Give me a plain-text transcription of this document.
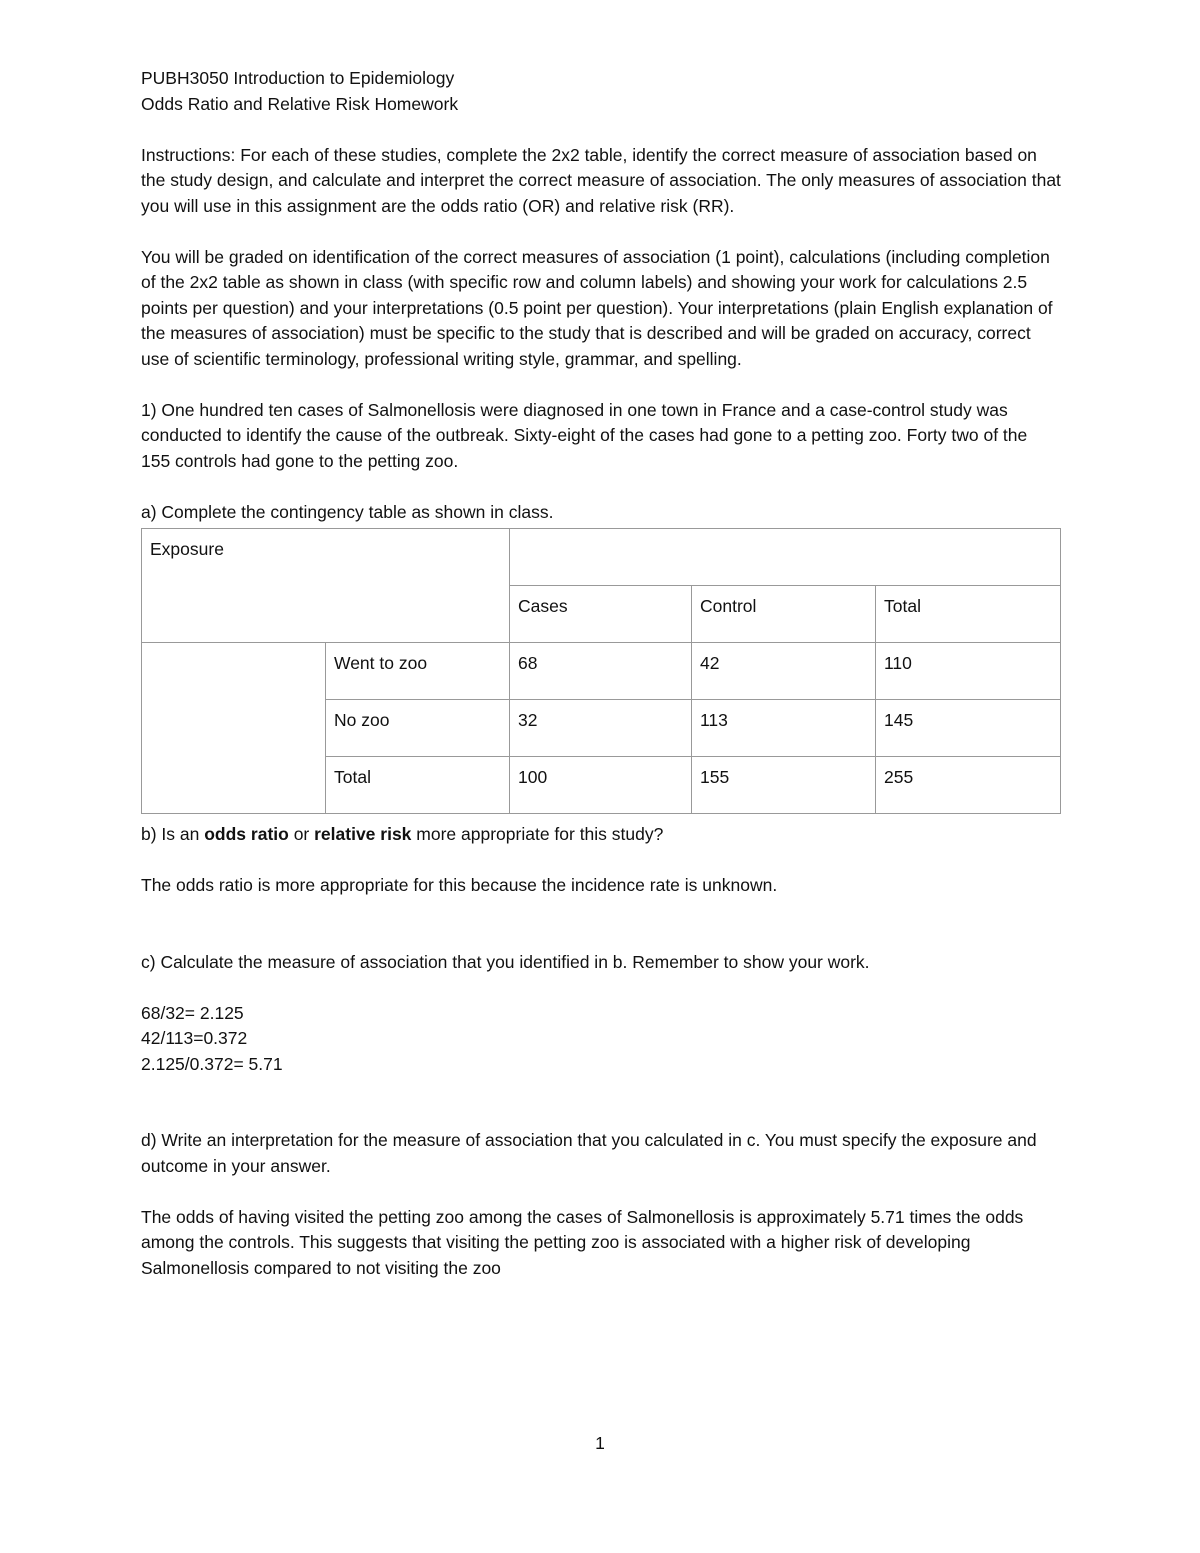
PUBH3050 Introduction to Epidemiology

Odds Ratio and Relative Risk Homework

Instructions: For each of these studies, complete the 2x2 table, identify the correct measure of association based on the study design, and calculate and interpret the correct measure of association. The only measures of association that you will use in this assignment are the odds ratio (OR) and relative risk (RR).

You will be graded on identification of the correct measures of association (1 point), calculations (including completion of the 2x2 table as shown in class (with specific row and column labels) and showing your work for calculations 2.5 points per question) and your interpretations (0.5 point per question). Your interpretations (plain English explanation of the measures of association) must be specific to the study that is described and will be graded on accuracy, correct use of scientific terminology, professional writing style, grammar, and spelling.

1) One hundred ten cases of Salmonellosis were diagnosed in one town in France and a case-control study was conducted to identify the cause of the outbreak. Sixty-eight of the cases had gone to a petting zoo. Forty two of the 155 controls had gone to the petting zoo.

a) Complete the contingency table as shown in class.

Exposure				
		Cases	Control	Total
	Went to zoo	68	42	110
	No zoo	32	113	145
	Total	100	155	255

b) Is an odds ratio or relative risk more appropriate for this study?

The odds ratio is more appropriate for this because the incidence rate is unknown.

c) Calculate the measure of association that you identified in b. Remember to show your work.

68/32= 2.125

42/113=0.372

2.125/0.372= 5.71

d) Write an interpretation for the measure of association that you calculated in c. You must specify the exposure and outcome in your answer.

The odds of having visited the petting zoo among the cases of Salmonellosis is approximately 5.71 times the odds among the controls. This suggests that visiting the petting zoo is associated with a higher risk of developing Salmonellosis compared to not visiting the zoo

1
